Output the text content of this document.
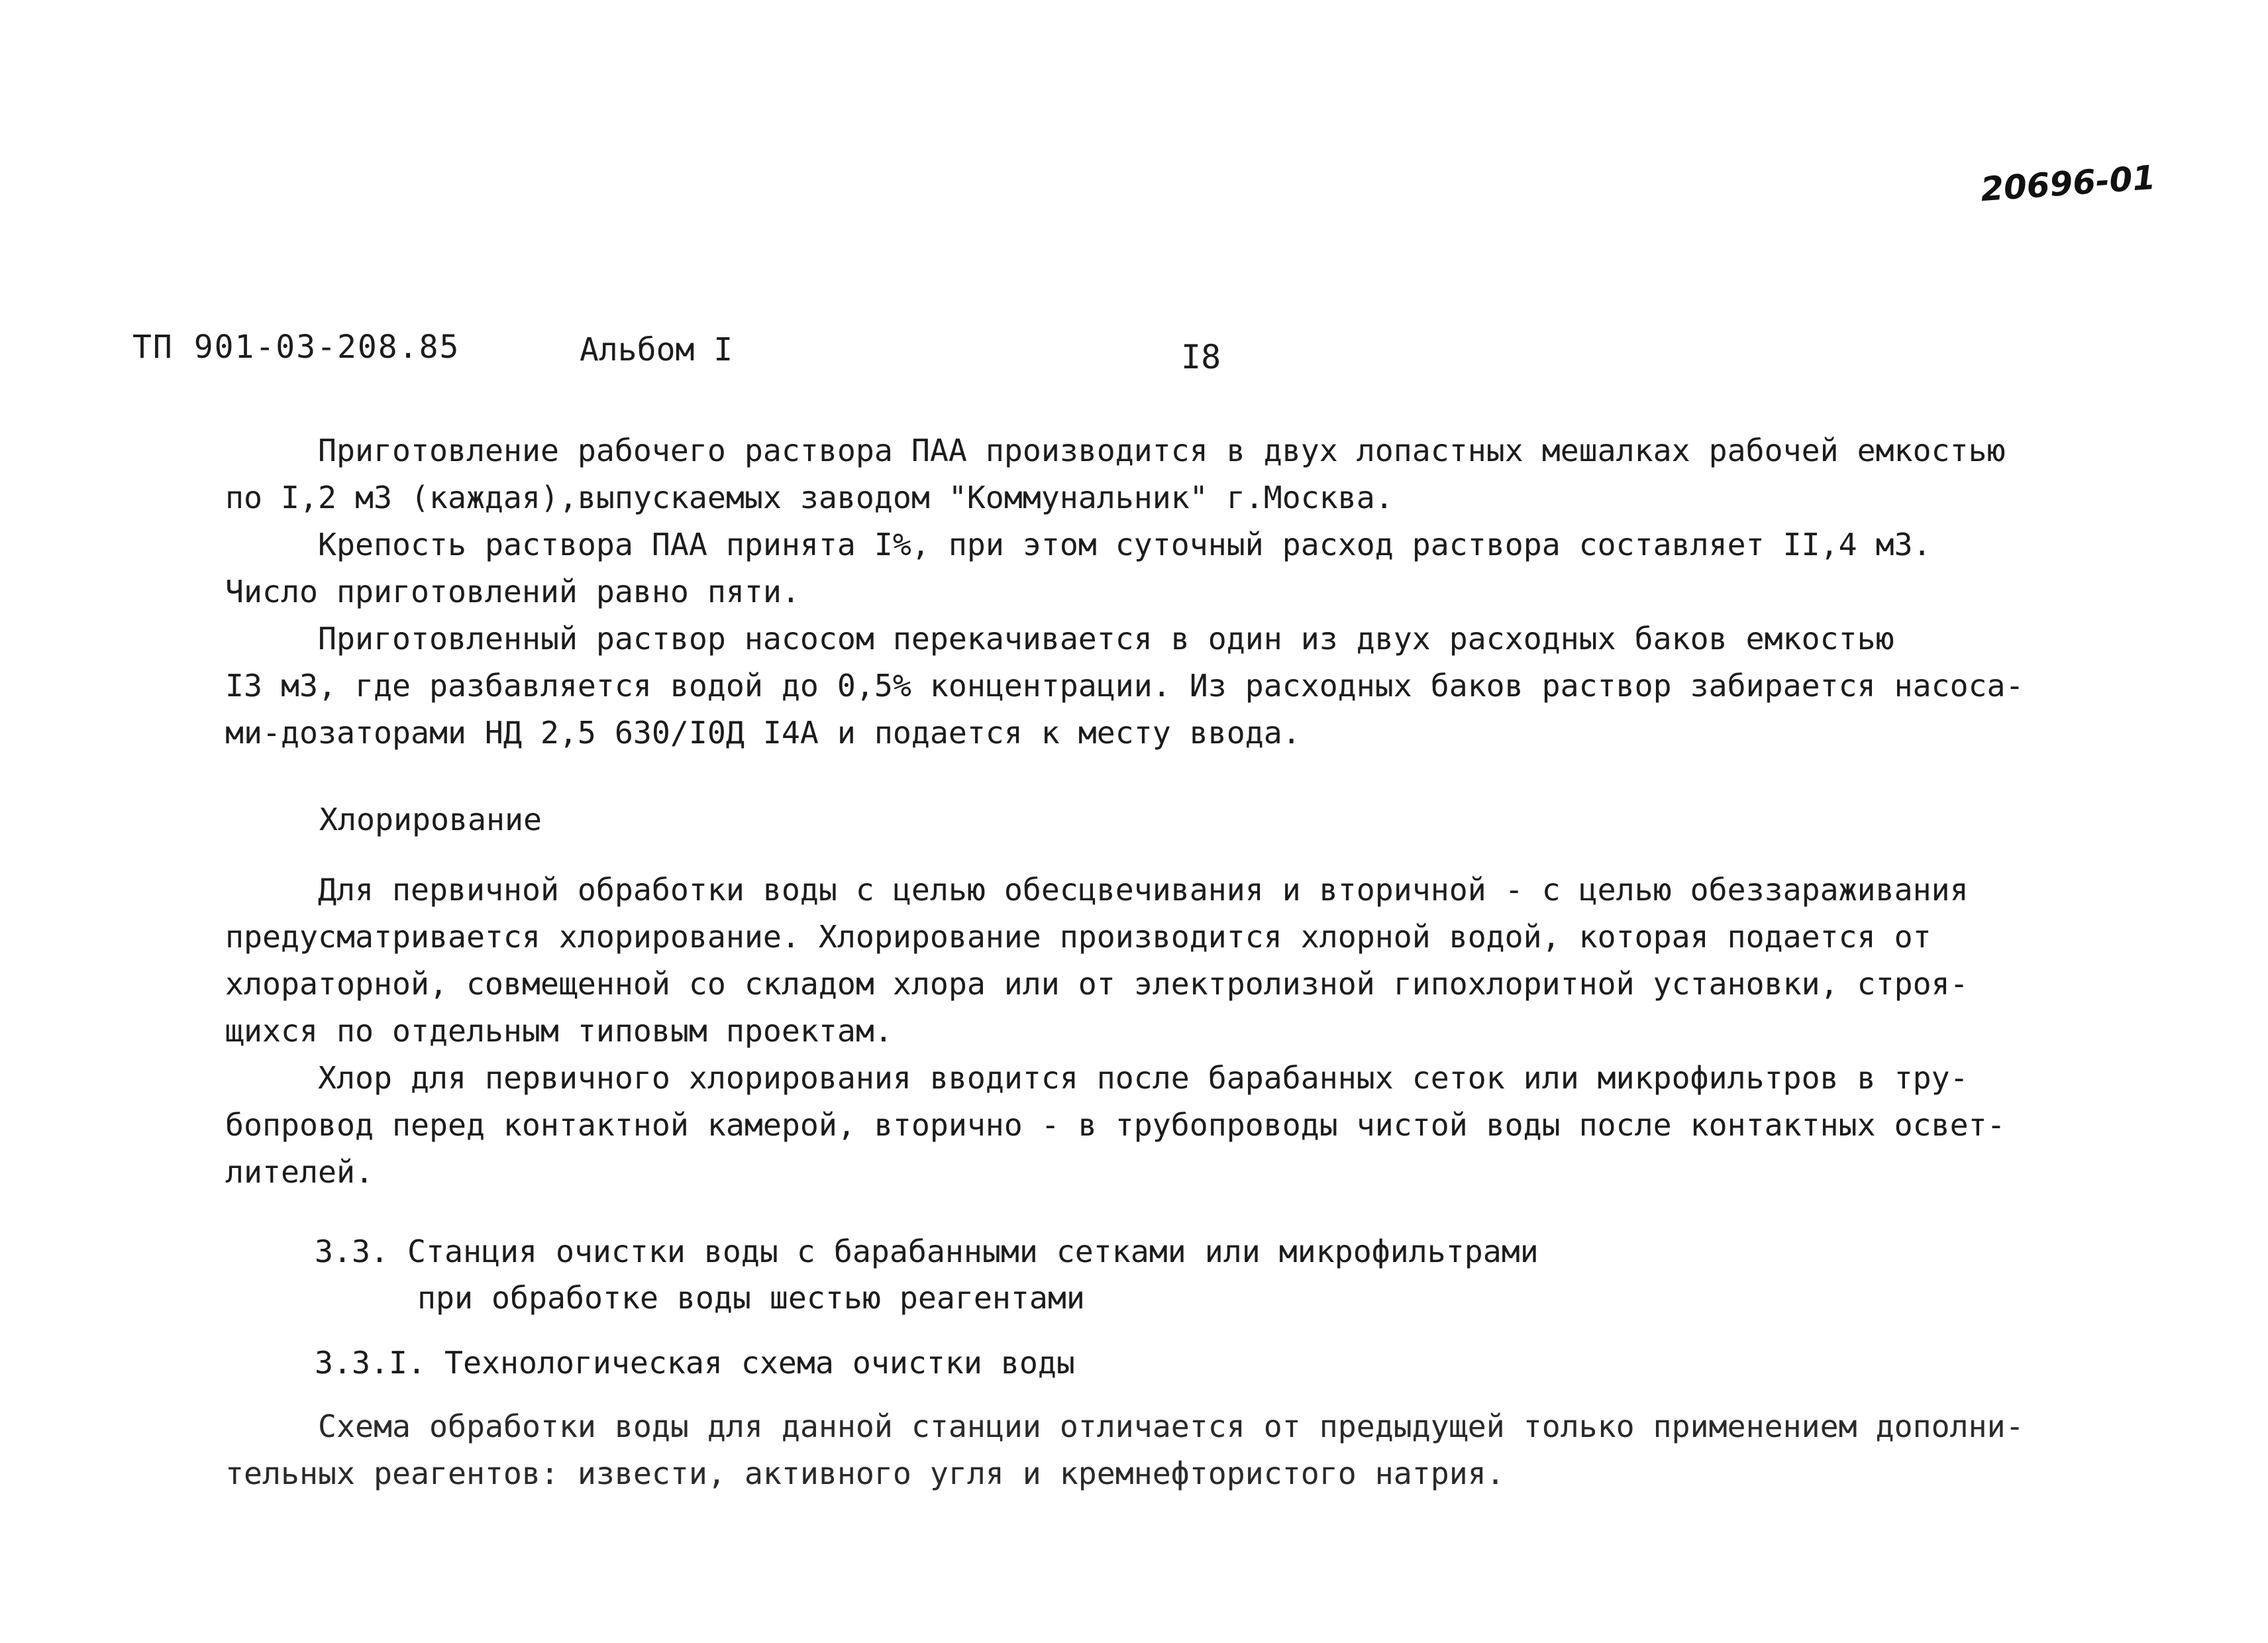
20696-01
ТП 901-03-208.85	Альбом I	I8
Приготовление рабочего раствора ПАА производится в двух лопастных мешалках рабочей емкостью
по I,2 м3 (каждая),выпускаемых заводом "Коммунальник" г.Москва.
Крепость раствора ПАА принята I%, при этом суточный расход раствора составляет II,4 м3.
Число приготовлений равно пяти.
Приготовленный раствор насосом перекачивается в один из двух расходных баков емкостью
I3 м3, где разбавляется водой до 0,5% концентрации. Из расходных баков раствор забирается насоса-
ми-дозаторами НД 2,5 630/I0Д I4А и подается к месту ввода.
Хлорирование
Для первичной обработки воды с целью обесцвечивания и вторичной - с целью обеззараживания
предусматривается хлорирование. Хлорирование производится хлорной водой, которая подается от
хлораторной, совмещенной со складом хлора или от электролизной гипохлоритной установки, строя-
щихся по отдельным типовым проектам.
Хлор для первичного хлорирования вводится после барабанных сеток или микрофильтров в тру-
бопровод перед контактной камерой, вторично - в трубопроводы чистой воды после контактных освет-
лителей.
3.3. Станция очистки воды с барабанными сетками или микрофильтрами
при обработке воды шестью реагентами
3.3.I. Технологическая схема очистки воды
Схема обработки воды для данной станции отличается от предыдущей только применением дополни-
тельных реагентов: извести, активного угля и кремнефтористого натрия.
